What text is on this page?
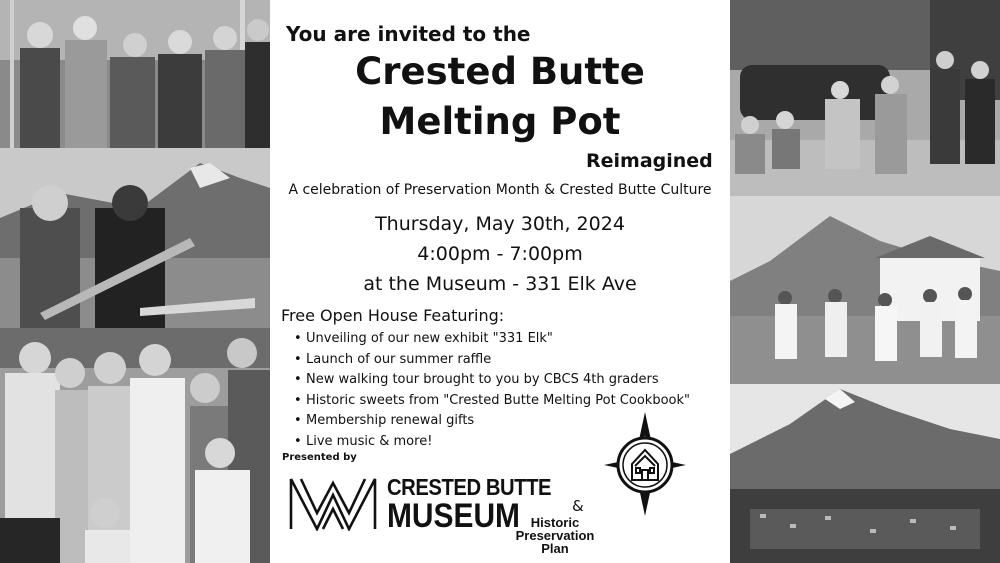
You are invited to the
Crested Butte
Melting Pot
Reimagined
A celebration of Preservation Month & Crested Butte Culture
Thursday, May 30th, 2024
4:00pm - 7:00pm
at the Museum - 331 Elk Ave
Free Open House Featuring:
• Unveiling of our new exhibit "331 Elk"
• Launch of our summer raffle
• New walking tour brought to you by CBCS 4th graders
• Historic sweets from "Crested Butte Melting Pot Cookbook"
• Membership renewal gifts
• Live music & more!
Presented by
CRESTED BUTTE
MUSEUM	&
Historic
Preservation
Plan
